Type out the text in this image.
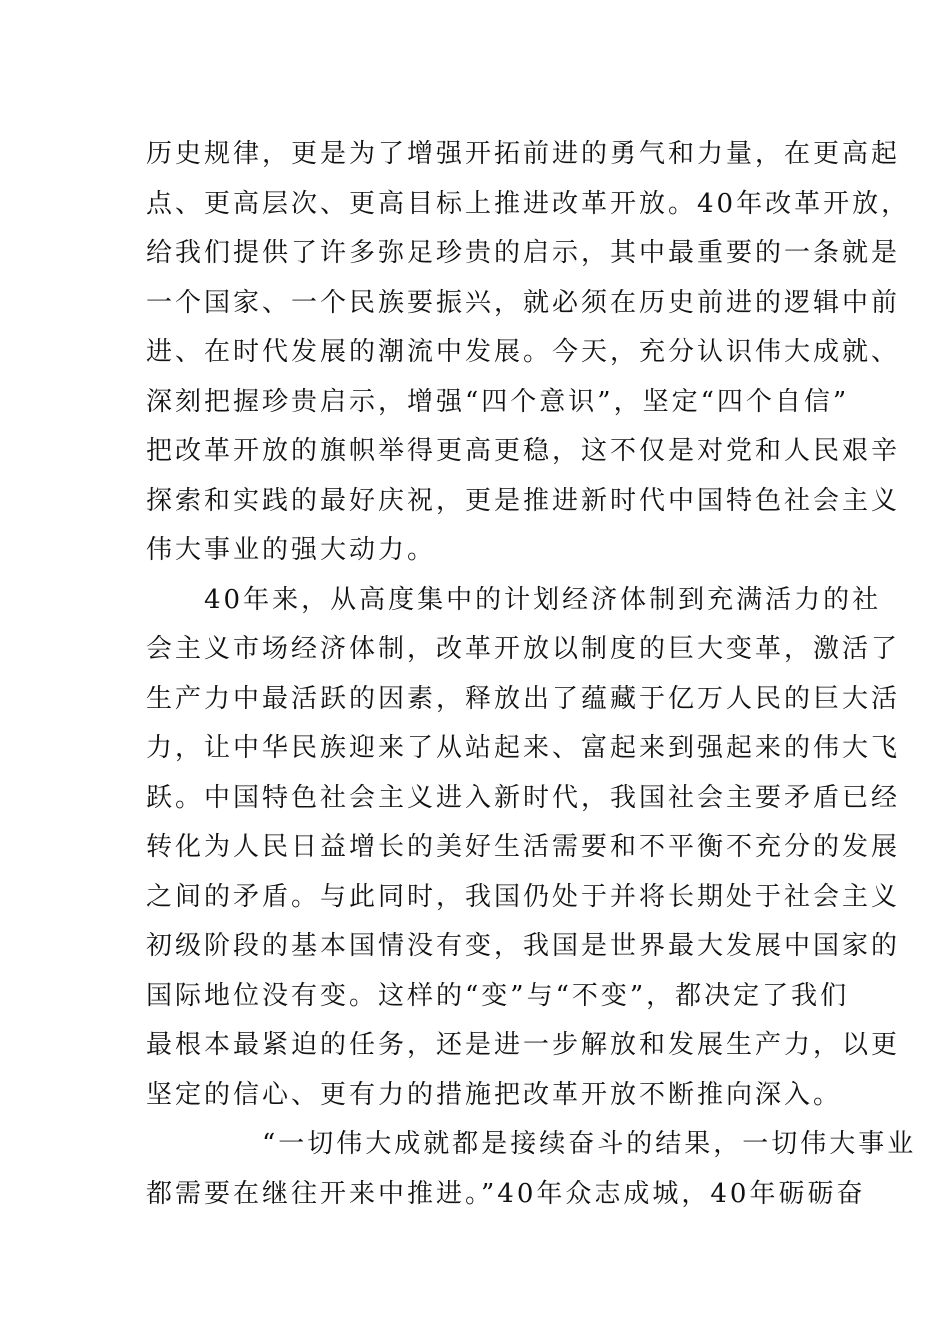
历史规律，更是为了增强开拓前进的勇气和力量，在更高起
点、更高层次、更高目标上推进改革开放。40年改革开放，
给我们提供了许多弥足珍贵的启示，其中最重要的一条就是
一个国家、一个民族要振兴，就必须在历史前进的逻辑中前
进、在时代发展的潮流中发展。今天，充分认识伟大成就、
深刻把握珍贵启示，增强“四个意识”，坚定“四个自信”
把改革开放的旗帜举得更高更稳，这不仅是对党和人民艰辛
探索和实践的最好庆祝，更是推进新时代中国特色社会主义
伟大事业的强大动力。
　　40年来，从高度集中的计划经济体制到充满活力的社
会主义市场经济体制，改革开放以制度的巨大变革，激活了
生产力中最活跃的因素，释放出了蕴藏于亿万人民的巨大活
力，让中华民族迎来了从站起来、富起来到强起来的伟大飞
跃。中国特色社会主义进入新时代，我国社会主要矛盾已经
转化为人民日益增长的美好生活需要和不平衡不充分的发展
之间的矛盾。与此同时，我国仍处于并将长期处于社会主义
初级阶段的基本国情没有变，我国是世界最大发展中国家的
国际地位没有变。这样的“变”与“不变”，都决定了我们
最根本最紧迫的任务，还是进一步解放和发展生产力，以更
坚定的信心、更有力的措施把改革开放不断推向深入。
　　　　“一切伟大成就都是接续奋斗的结果，一切伟大事业
都需要在继往开来中推进。”40年众志成城，40年砺砺奋
